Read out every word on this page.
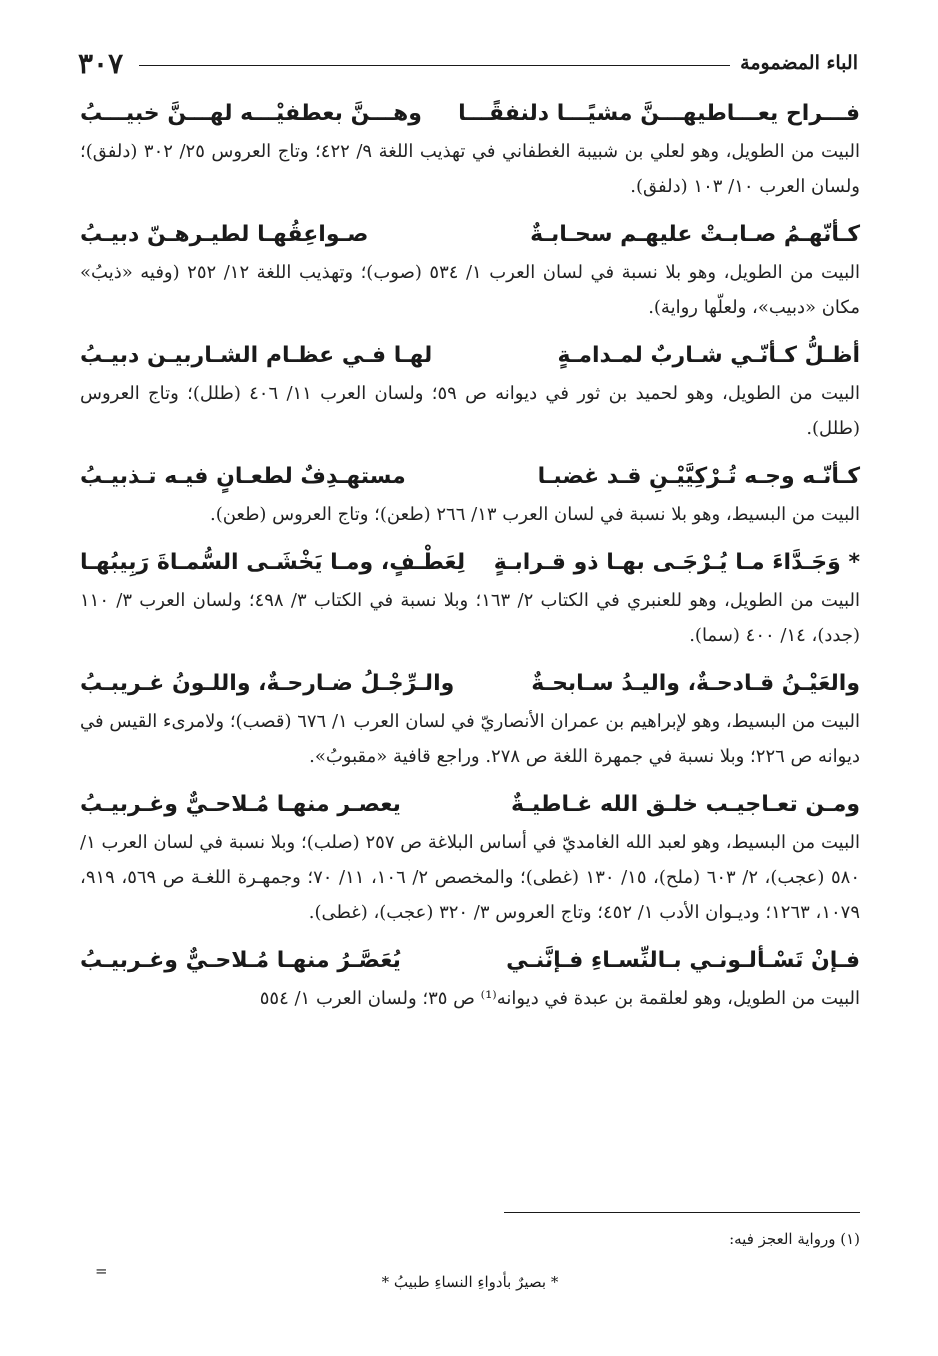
الباء المضمومة
٣٠٧
فـــراح يعـــاطيهـــنَّ مشيًـــا دلنفقًـــا
وهـــنَّ بعطفيْـــه لهـــنَّ خبيـــبُ
البيت من الطويل، وهو لعلي بن شبيبة الغطفاني في تهذيب اللغة ٩/ ٤٢٢؛ وتاج العروس ٢٥/ ٣٠٢ (دلفق)؛ ولسان العرب ١٠/ ١٠٣ (دلفق).
كـأنّهـمُ صـابـتْ عليهـم سحـابـةٌ
صـواعِقُهـا لطيـرهـنّ دبيـبُ
البيت من الطويل، وهو بلا نسبة في لسان العرب ١/ ٥٣٤ (صوب)؛ وتهذيب اللغة ١٢/ ٢٥٢ (وفيه «ذيبُ» مكان «دبيب»، ولعلّها رواية).
أظـلُّ كـأنّـي شـاربٌ لمـدامـةٍ
لهـا فـي عظـام الشـاربيـن دبيـبُ
البيت من الطويل، وهو لحميد بن ثور في ديوانه ص ٥٩؛ ولسان العرب ١١/ ٤٠٦ (طلل)؛ وتاج العروس (طلل).
كـأنّـه وجـه تُـرْكِيَّيْـنِ قـد غضبـا
مستهـدِفٌ لطعـانٍ فيـه تـذبيـبُ
البيت من البسيط، وهو بلا نسبة في لسان العرب ١٣/ ٢٦٦ (طعن)؛ وتاج العروس (طعن).
* وَجَـدَّاءَ مـا يُـرْجَـى بهـا ذو قـرابـةٍ
لِعَطْـفٍ، ومـا يَخْشَـى السُّمـاةَ رَبِيبُهـا
البيت من الطويل، وهو للعنبري في الكتاب ٢/ ١٦٣؛ وبلا نسبة في الكتاب ٣/ ٤٩٨؛ ولسان العرب ٣/ ١١٠ (جدد)، ١٤/ ٤٠٠ (سما).
والعَيْـنُ قـادحـةٌ، واليـدُ سـابحـةٌ
والـرِّجْـلُ ضـارحـةٌ، واللـونُ غـريبـبُ
البيت من البسيط، وهو لإبراهيم بن عمران الأنصاريّ في لسان العرب ١/ ٦٧٦ (قصب)؛ ولامرىء القيس في ديوانه ص ٢٢٦؛ وبلا نسبة في جمهرة اللغة ص ٢٧٨. وراجع قافية «مقبوبُ».
ومـن تعـاجيـب خلـق الله غـاطيـةٌ
يعصـر منهـا مُـلاحـيٌّ وغـربيـبُ
البيت من البسيط، وهو لعبد الله الغامديّ في أساس البلاغة ص ٢٥٧ (صلب)؛ وبلا نسبة في لسان العرب ١/ ٥٨٠ (عجب)، ٢/ ٦٠٣ (ملح)، ١٥/ ١٣٠ (غطى)؛ والمخصص ٢/ ١٠٦، ١١/ ٧٠؛ وجمهـرة اللغـة ص ٥٦٩، ٩١٩، ١٠٧٩، ١٢٦٣؛ وديـوان الأدب ١/ ٤٥٢؛ وتاج العروس ٣/ ٣٢٠ (عجب)، (غطى).
فـإنْ تَسْـألـونـي بـالنِّسـاءِ فـإنَّنـي
يُعَصَّـرُ منهـا مُـلاحـيٌّ وغـربيـبُ
البيت من الطويل، وهو لعلقمة بن عبدة في ديوانه⁽¹⁾ ص ٣٥؛ ولسان العرب ١/ ٥٥٤
(١) ورواية العجز فيه:
* بصيرٌ بأدواءِ النساءِ طبيبُ *
=
